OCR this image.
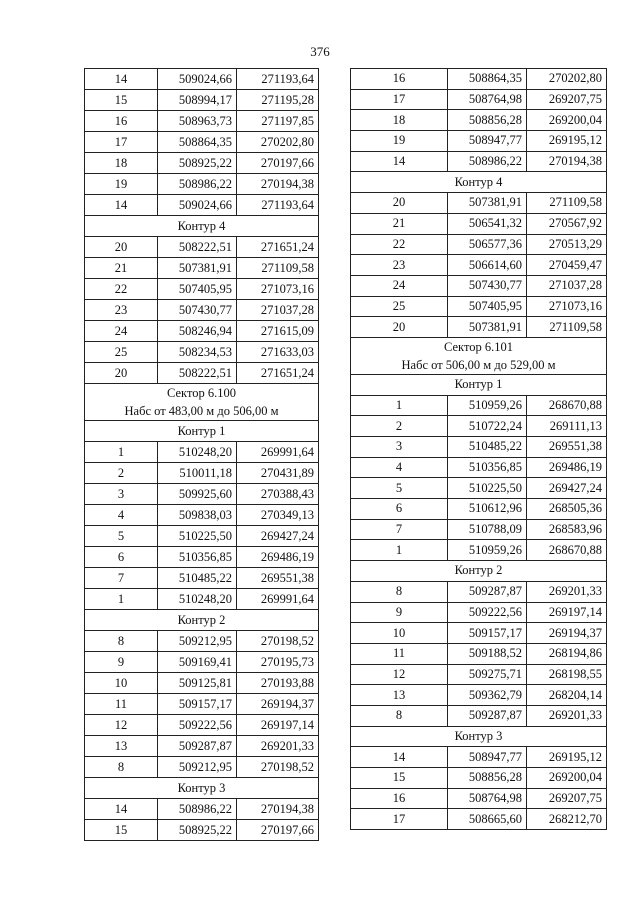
376
14	509024,66	271193,64
15	508994,17	271195,28
16	508963,73	271197,85
17	508864,35	270202,80
18	508925,22	270197,66
19	508986,22	270194,38
14	509024,66	271193,64
Контур 4		
20	508222,51	271651,24
21	507381,91	271109,58
22	507405,95	271073,16
23	507430,77	271037,28
24	508246,94	271615,09
25	508234,53	271633,03
20	508222,51	271651,24

Сектор 6.100
Набс от 483,00 м до 506,00 м		

Контур 1		
1	510248,20	269991,64
2	510011,18	270431,89
3	509925,60	270388,43
4	509838,03	270349,13
5	510225,50	269427,24
6	510356,85	269486,19
7	510485,22	269551,38
1	510248,20	269991,64
Контур 2		
8	509212,95	270198,52
9	509169,41	270195,73
10	509125,81	270193,88
11	509157,17	269194,37
12	509222,56	269197,14
13	509287,87	269201,33
8	509212,95	270198,52
Контур 3		
14	508986,22	270194,38
15	508925,22	270197,66
16	508864,35	270202,80
17	508764,98	269207,75
18	508856,28	269200,04
19	508947,77	269195,12
14	508986,22	270194,38
Контур 4		
20	507381,91	271109,58
21	506541,32	270567,92
22	506577,36	270513,29
23	506614,60	270459,47
24	507430,77	271037,28
25	507405,95	271073,16
20	507381,91	271109,58

Сектор 6.101
Набс от 506,00 м до 529,00 м		

Контур 1		
1	510959,26	268670,88
2	510722,24	269111,13
3	510485,22	269551,38
4	510356,85	269486,19
5	510225,50	269427,24
6	510612,96	268505,36
7	510788,09	268583,96
1	510959,26	268670,88
Контур 2		
8	509287,87	269201,33
9	509222,56	269197,14
10	509157,17	269194,37
11	509188,52	268194,86
12	509275,71	268198,55
13	509362,79	268204,14
8	509287,87	269201,33
Контур 3		
14	508947,77	269195,12
15	508856,28	269200,04
16	508764,98	269207,75
17	508665,60	268212,70
